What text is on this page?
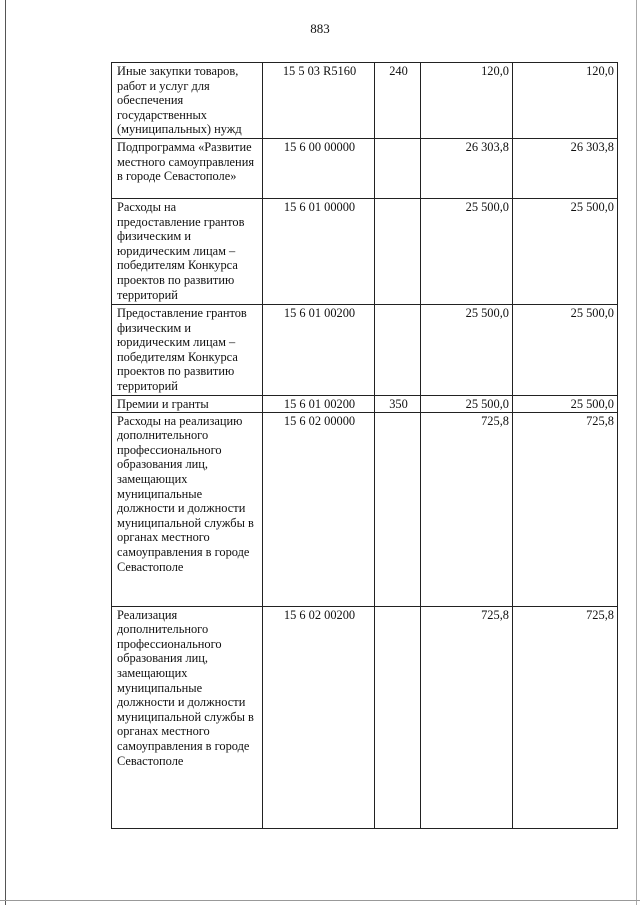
883
Иные закупки товаров, работ и услуг для обеспечения государственных (муниципальных) нужд	15 5 03 R5160	240	120,0	120,0
Подпрограмма «Развитие местного самоуправления в городе Севастополе»	15 6 00 00000		26 303,8	26 303,8
Расходы на предоставление грантов физическим и юридическим лицам – победителям Конкурса проектов по развитию территорий	15 6 01 00000		25 500,0	25 500,0
Предоставление грантов физическим и юридическим лицам – победителям Конкурса проектов по развитию территорий	15 6 01 00200		25 500,0	25 500,0
Премии и гранты	15 6 01 00200	350	25 500,0	25 500,0
Расходы на реализацию дополнительного профессионального образования лиц, замещающих муниципальные должности и должности муниципальной службы в органах местного самоуправления в городе Севастополе	15 6 02 00000		725,8	725,8
Реализация дополнительного профессионального образования лиц, замещающих муниципальные должности и должности муниципальной службы в органах местного самоуправления в городе Севастополе	15 6 02 00200		725,8	725,8
